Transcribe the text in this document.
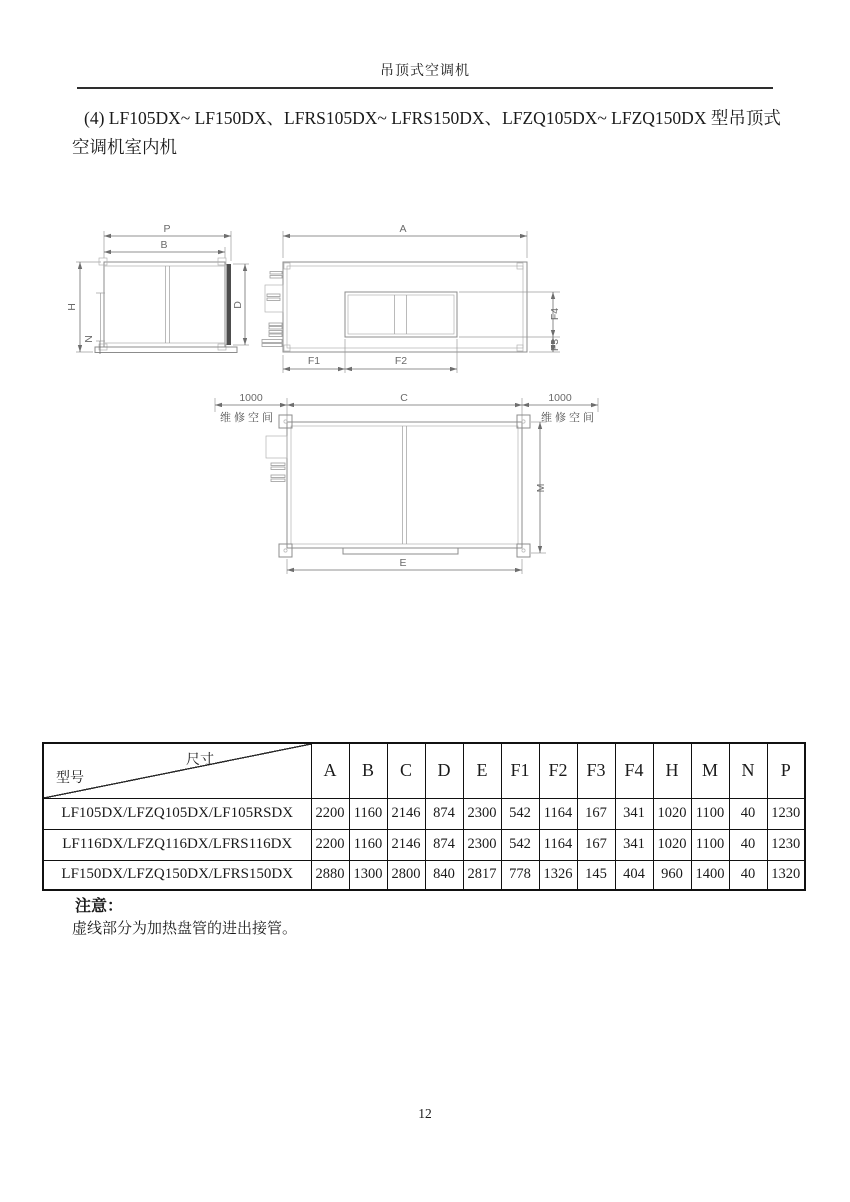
吊顶式空调机
(4) LF105DX~ LF150DX、LFRS105DX~ LFRS150DX、LFZQ105DX~ LFZQ150DX 型吊顶式
空调机室内机
P
B
H
N
D
A
F4
F3
F1	F2
1000	C	1000
维修空间	维修空间
M
E
尺寸
型号	A	B	C	D	E	F1	F2	F3	F4	H	M	N	P
LF105DX/LFZQ105DX/LF105RSDX	2200	1160	2146	874	2300	542	1164	167	341	1020	1100	40	1230
LF116DX/LFZQ116DX/LFRS116DX	2200	1160	2146	874	2300	542	1164	167	341	1020	1100	40	1230
LF150DX/LFZQ150DX/LFRS150DX	2880	1300	2800	840	2817	778	1326	145	404	960	1400	40	1320
注意：
虚线部分为加热盘管的进出接管。
12
